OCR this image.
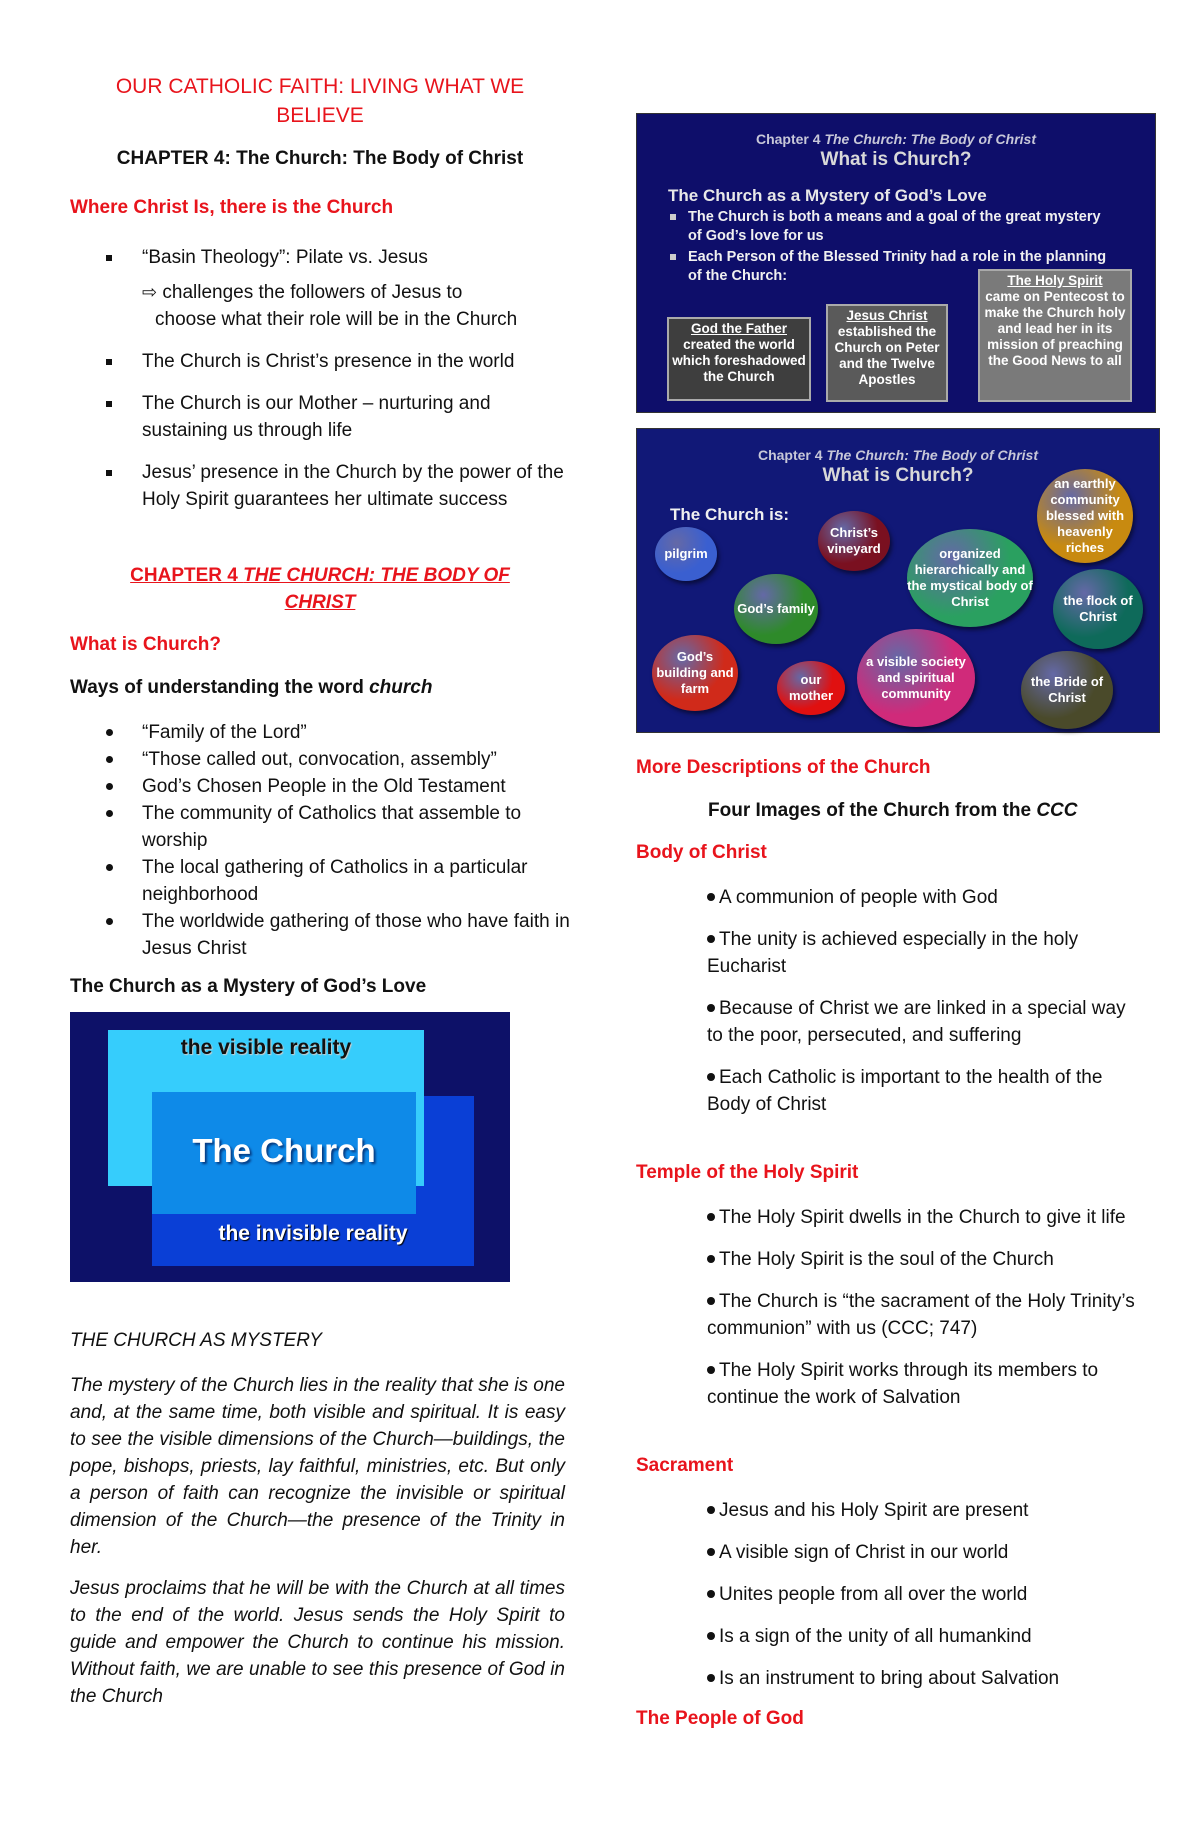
OUR CATHOLIC FAITH: LIVING WHAT WE
BELIEVE
CHAPTER 4: The Church: The Body of Christ
Where Christ Is, there is the Church
“Basin Theology”: Pilate vs. Jesus
⇨ challenges the followers of Jesus to
choose what their role will be in the Church
The Church is Christ’s presence in the world
The Church is our Mother – nurturing and sustaining us through life
Jesus’ presence in the Church by the power of the Holy Spirit guarantees her ultimate success
CHAPTER 4 THE CHURCH: THE BODY OF
CHRIST
What is Church?
Ways of understanding the word church
“Family of the Lord”
“Those called out, convocation, assembly”
God’s Chosen People in the Old Testament
The community of Catholics that assemble to worship
The local gathering of Catholics in a particular neighborhood
The worldwide gathering of those who have faith in Jesus Christ
The Church as a Mystery of God’s Love
the visible reality
The Church
the invisible reality
THE CHURCH AS MYSTERY
The mystery of the Church lies in the reality that she is one and, at the same time, both visible and spiritual. It is easy to see the visible dimensions of the Church—buildings, the pope, bishops, priests, lay faithful, ministries, etc. But only a person of faith can recognize the invisible or spiritual dimension of the Church—the presence of the Trinity in her.
Jesus proclaims that he will be with the Church at all times to the end of the world. Jesus sends the Holy Spirit to guide and empower the Church to continue his mission. Without faith, we are unable to see this presence of God in the Church
Chapter 4 The Church: The Body of Christ
What is Church?
The Church as a Mystery of God’s Love
The Church is both a means and a goal of the great mystery of God’s love for us
Each Person of the Blessed Trinity had a role in the planning of the Church:
God the Father
created the world which foreshadowed the Church
Jesus Christ
established the Church on Peter and the Twelve Apostles
The Holy Spirit
came on Pentecost to make the Church holy and lead her in its mission of preaching the Good News to all
Chapter 4 The Church: The Body of Christ
What is Church?
The Church is:
pilgrim
Christ’s vineyard	organized hierarchically and the mystical body of Christ
an earthly community blessed with heavenly riches
God’s family
the flock of Christ
God’s building and farm
our mother
a visible society and spiritual community
the Bride of Christ
More Descriptions of the Church
Four Images of the Church from the CCC
Body of Christ
A communion of people with God
The unity is achieved especially in the holy Eucharist
Because of Christ we are linked in a special way to the poor, persecuted, and suffering
Each Catholic is important to the health of the Body of Christ
Temple of the Holy Spirit
The Holy Spirit dwells in the Church to give it life
The Holy Spirit is the soul of the Church
The Church is “the sacrament of the Holy Trinity’s communion” with us (CCC; 747)
The Holy Spirit works through its members to continue the work of Salvation
Sacrament
Jesus and his Holy Spirit are present
A visible sign of Christ in our world
Unites people from all over the world
Is a sign of the unity of all humankind
Is an instrument to bring about Salvation
The People of God
